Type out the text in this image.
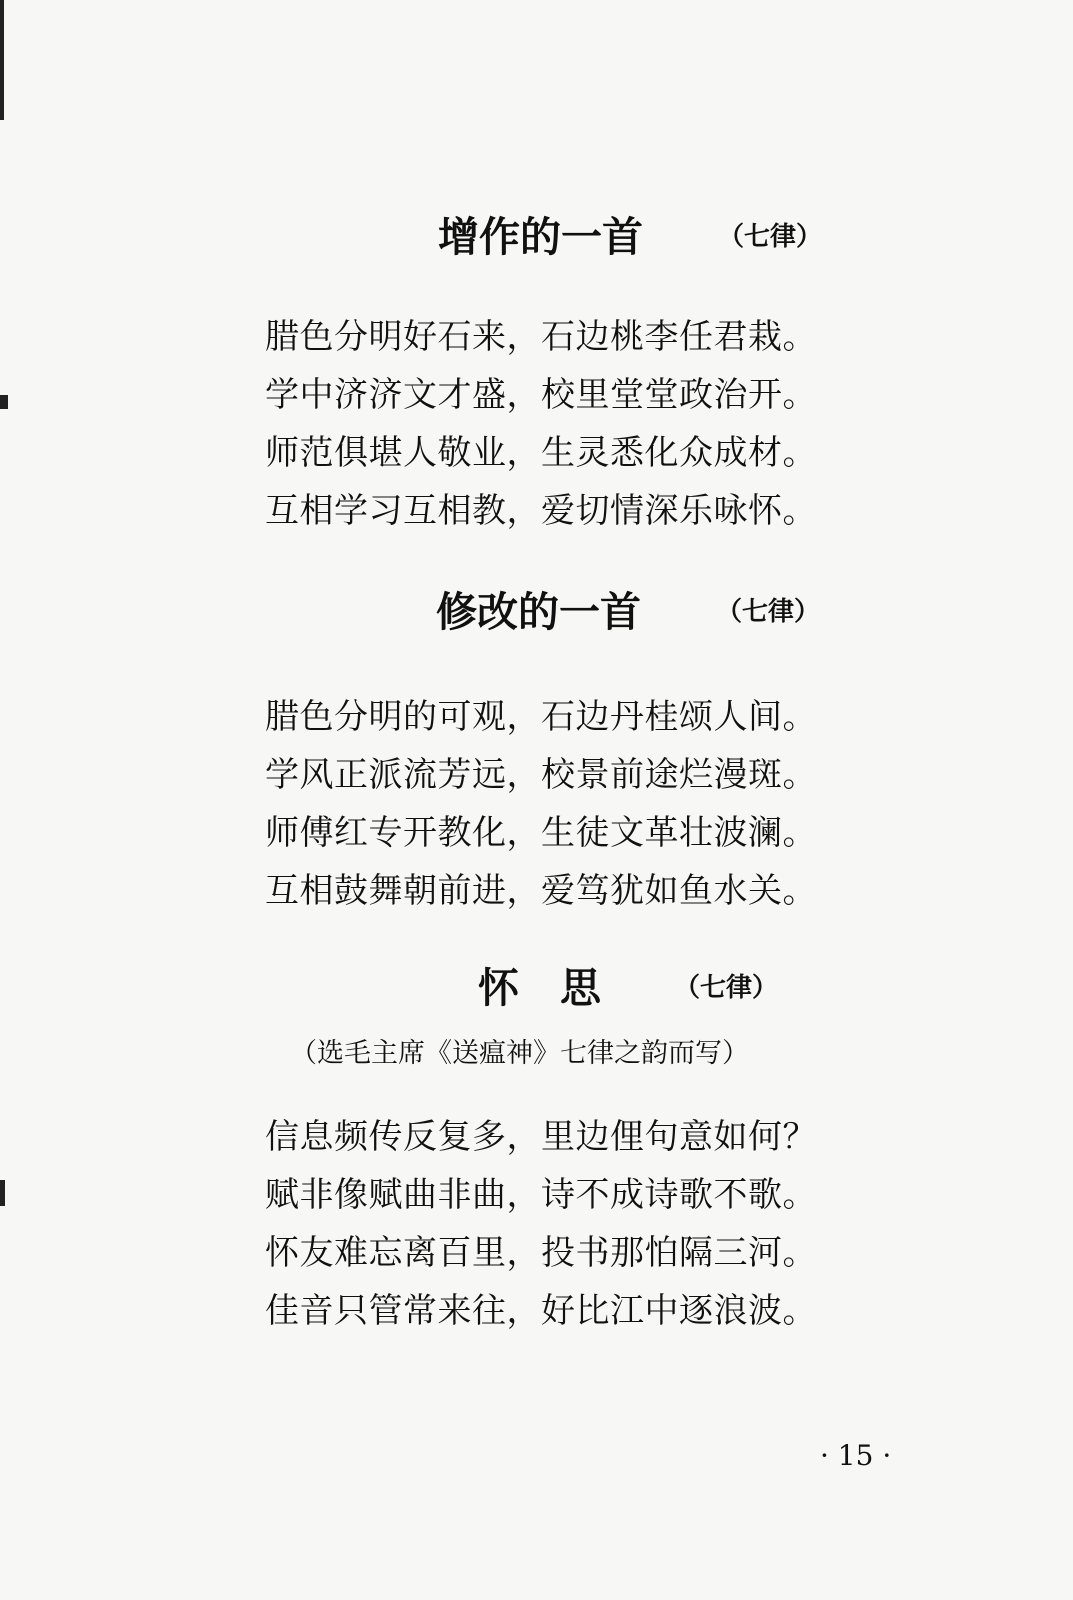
增作的一首	（七律）
腊色分明好石来，石边桃李任君栽。
学中济济文才盛，校里堂堂政治开。
师范俱堪人敬业，生灵悉化众成材。
互相学习互相教，爱切情深乐咏怀。
修改的一首	（七律）
腊色分明的可观，石边丹桂颂人间。
学风正派流芳远，校景前途烂漫斑。
师傅红专开教化，生徒文革壮波澜。
互相鼓舞朝前进，爱笃犹如鱼水关。
怀　思	（七律）
（选毛主席《送瘟神》七律之韵而写）
信息频传反复多，里边俚句意如何？
赋非像赋曲非曲，诗不成诗歌不歌。
怀友难忘离百里，投书那怕隔三河。
佳音只管常来往，好比江中逐浪波。
· 15 ·
